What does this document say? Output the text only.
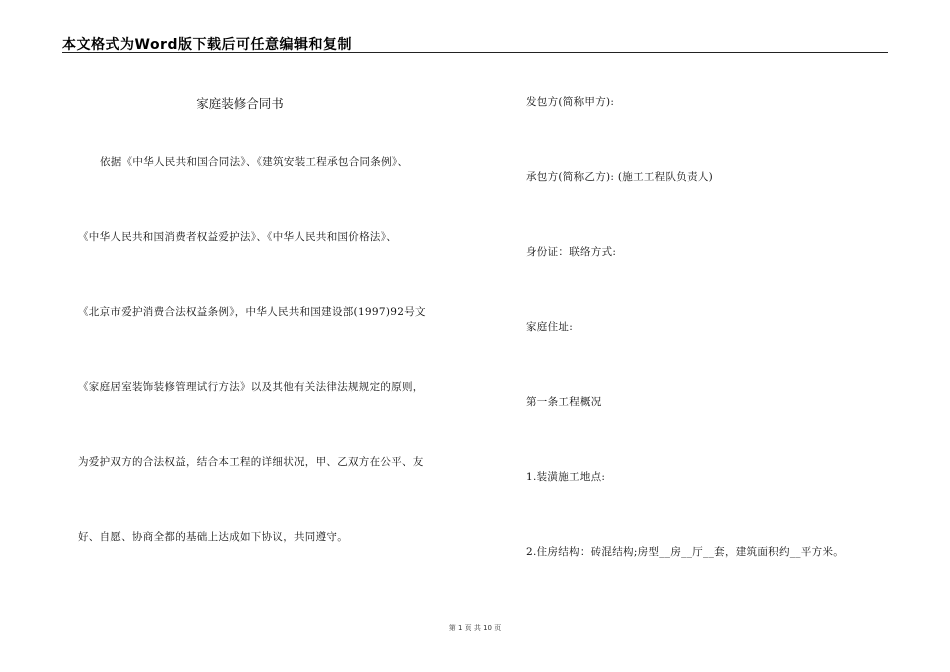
本文格式为Word版下载后可任意编辑和复制
家庭装修合同书
依据《中华人民共和国合同法》、《建筑安装工程承包合同条例》、
《中华人民共和国消费者权益爱护法》、《中华人民共和国价格法》、
《北京市爱护消费合法权益条例》，中华人民共和国建设部(1997)92号文
《家庭居室装饰装修管理试行方法》以及其他有关法律法规规定的原则，
为爱护双方的合法权益，结合本工程的详细状况，甲、乙双方在公平、友
好、自愿、协商全都的基础上达成如下协议，共同遵守。
发包方(简称甲方):
承包方(简称乙方): (施工工程队负责人)
身份证：联络方式:
家庭住址:
第一条工程概况
1.装潢施工地点:
2.住房结构：砖混结构;房型__房__厅__套，建筑面积约__平方米。
第 1 页 共 10 页
